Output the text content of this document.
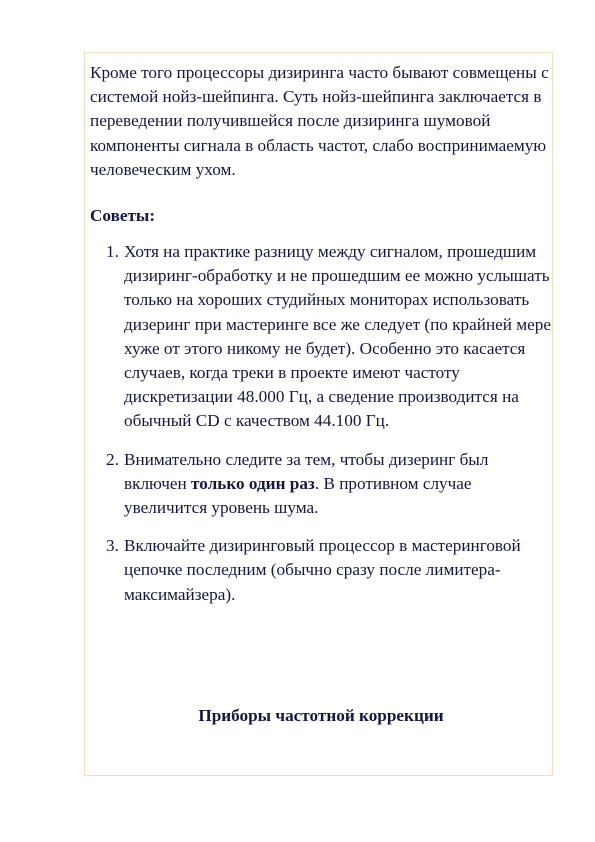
Кроме того процессоры дизиринга часто бывают совмещены с системой нойз-шейпинга. Суть нойз-шейпинга заключается в переведении получившейся после дизиринга шумовой компоненты сигнала в область частот, слабо воспринимаемую человеческим ухом.

Советы:

1. Хотя на практике разницу между сигналом, прошедшим дизиринг-обработку и не прошедшим ее можно услышать только на хороших студийных мониторах использовать дизеринг при мастеринге все же следует (по крайней мере хуже от этого никому не будет). Особенно это касается случаев, когда треки в проекте имеют частоту дискретизации 48.000 Гц, а сведение производится на обычный CD с качеством 44.100 Гц.
2. Внимательно следите за тем, чтобы дизеринг был включен только один раз. В противном случае увеличится уровень шума.
3. Включайте дизиринговый процессор в мастеринговой цепочке последним (обычно сразу после лимитера-максимайзера).
Приборы частотной коррекции
